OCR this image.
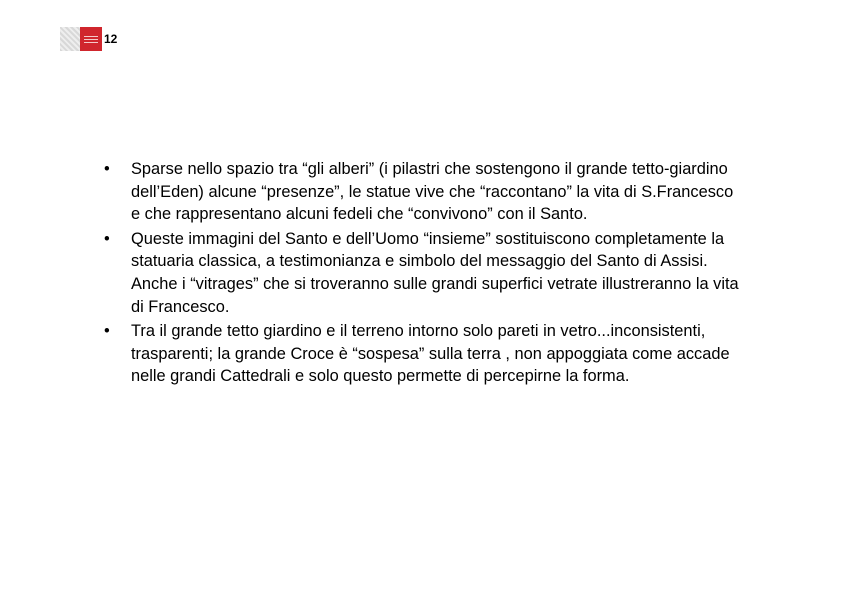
12
• Sparse nello spazio tra “gli alberi” (i pilastri che sostengono il grande tetto-giardino dell’Eden) alcune “presenze”, le statue vive che “raccontano” la vita di S.Francesco e che rappresentano alcuni fedeli che “convivono” con il Santo.
• Queste immagini del Santo e dell’Uomo “insieme” sostituiscono completamente la statuaria classica, a testimonianza e simbolo del messaggio del Santo di Assisi. Anche i “vitrages” che si troveranno sulle grandi superfici vetrate illustreranno la vita di Francesco.
• Tra il grande tetto giardino e il terreno intorno solo pareti in vetro...inconsistenti, trasparenti; la grande Croce è “sospesa” sulla terra , non appoggiata come accade nelle grandi Cattedrali e solo questo permette di percepirne la forma.
